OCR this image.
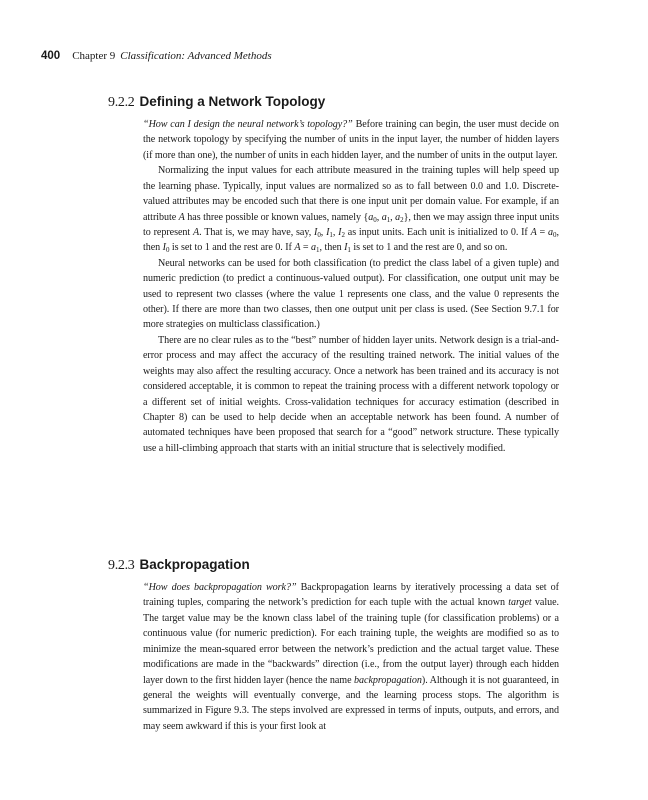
400 Chapter 9 Classification: Advanced Methods
9.2.2 Defining a Network Topology

“How can I design the neural network’s topology?” Before training can begin, the user must decide on the network topology by specifying the number of units in the input layer, the number of hidden layers (if more than one), the number of units in each hidden layer, and the number of units in the output layer.

Normalizing the input values for each attribute measured in the training tuples will help speed up the learning phase. Typically, input values are normalized so as to fall between 0.0 and 1.0. Discrete-valued attributes may be encoded such that there is one input unit per domain value. For example, if an attribute A has three possible or known values, namely {$a_0$, $a_1$, $a_2$}, then we may assign three input units to represent A. That is, we may have, say, $I_0$, $I_1$, $I_2$ as input units. Each unit is initialized to 0. If $A = a_0$, then $I_0$ is set to 1 and the rest are 0. If $A = a_1$, then $I_1$ is set to 1 and the rest are 0, and so on.

Neural networks can be used for both classification (to predict the class label of a given tuple) and numeric prediction (to predict a continuous-valued output). For classification, one output unit may be used to represent two classes (where the value 1 represents one class, and the value 0 represents the other). If there are more than two classes, then one output unit per class is used. (See Section 9.7.1 for more strategies on multiclass classification.)

There are no clear rules as to the “best” number of hidden layer units. Network design is a trial-and-error process and may affect the accuracy of the resulting trained network. The initial values of the weights may also affect the resulting accuracy. Once a network has been trained and its accuracy is not considered acceptable, it is common to repeat the training process with a different network topology or a different set of initial weights. Cross-validation techniques for accuracy estimation (described in Chapter 8) can be used to help decide when an acceptable network has been found. A number of automated techniques have been proposed that search for a “good” network structure. These typically use a hill-climbing approach that starts with an initial structure that is selectively modified.

9.2.3 Backpropagation

“How does backpropagation work?” Backpropagation learns by iteratively processing a data set of training tuples, comparing the network’s prediction for each tuple with the actual known target value. The target value may be the known class label of the training tuple (for classification problems) or a continuous value (for numeric prediction). For each training tuple, the weights are modified so as to minimize the mean-squared error between the network’s prediction and the actual target value. These modifications are made in the “backwards” direction (i.e., from the output layer) through each hidden layer down to the first hidden layer (hence the name backpropagation). Although it is not guaranteed, in general the weights will eventually converge, and the learning process stops. The algorithm is summarized in Figure 9.3. The steps involved are expressed in terms of inputs, outputs, and errors, and may seem awkward if this is your first look at
